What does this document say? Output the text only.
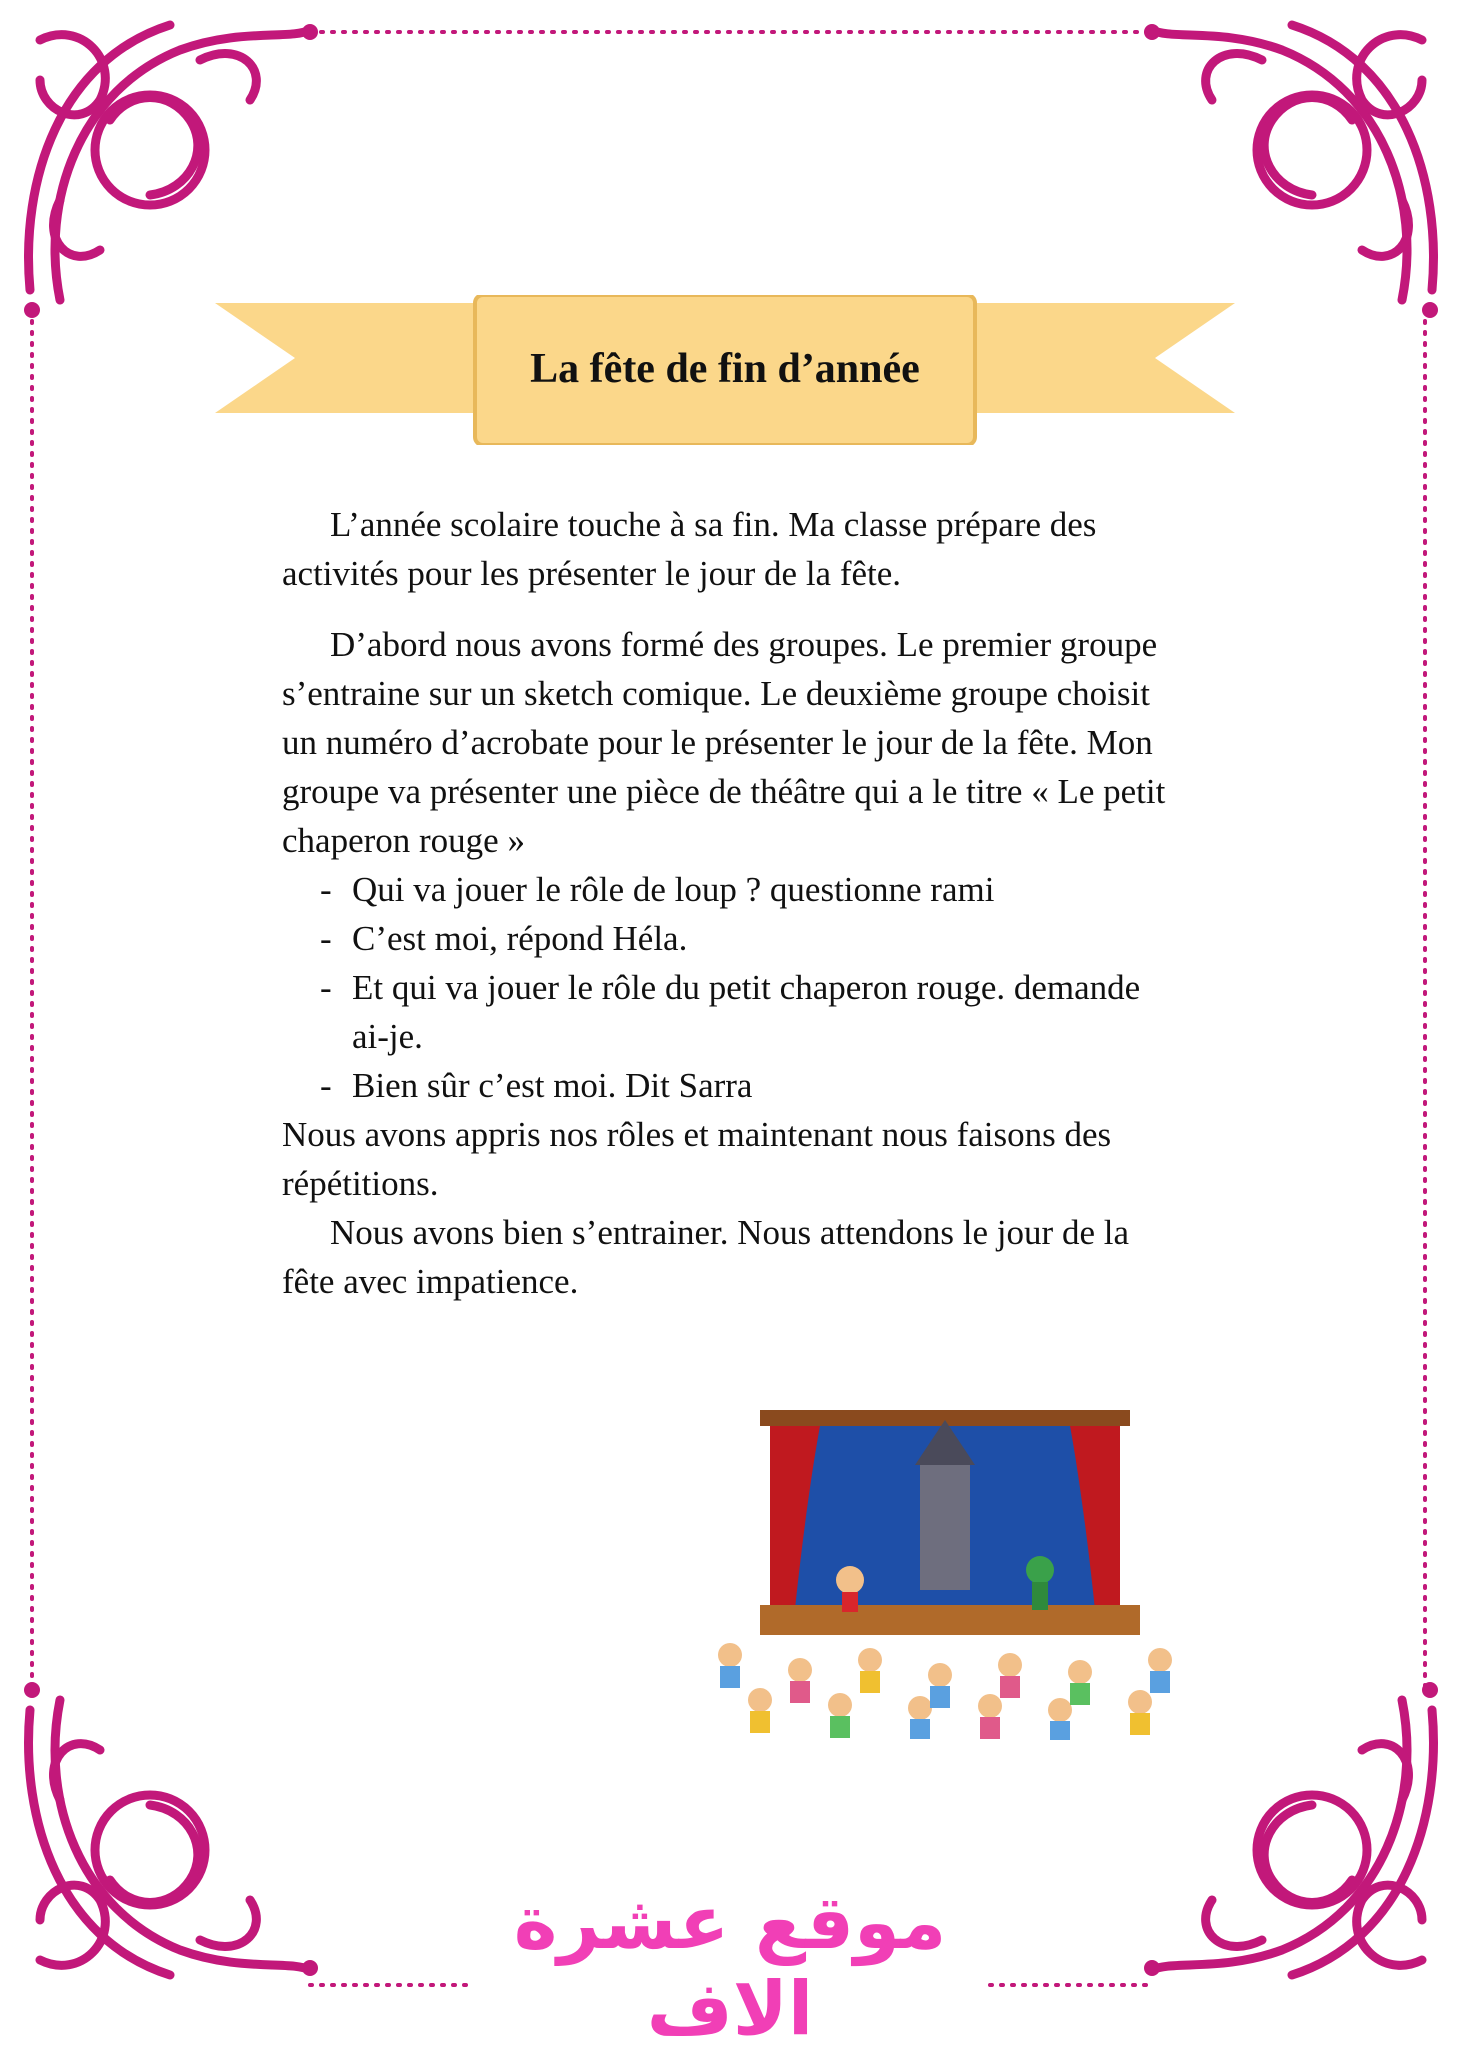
La fête de fin d’année

L’année scolaire touche à sa fin. Ma classe prépare des activités pour les présenter le jour de la fête.

D’abord nous avons formé des groupes. Le premier groupe s’entraine sur un sketch comique. Le deuxième groupe choisit un numéro d’acrobate pour le présenter le jour de la fête. Mon groupe va présenter une pièce de théâtre qui a le titre « Le petit chaperon rouge »

- Qui va jouer le rôle de loup ? questionne rami
- C’est moi, répond Héla.
- Et qui va jouer le rôle du petit chaperon rouge. demande ai-je.
- Bien sûr c’est moi. Dit Sarra

Nous avons appris nos rôles et maintenant nous faisons des répétitions.

Nous avons bien s’entrainer. Nous attendons le jour de la fête avec impatience.

موقع عشرة الاف
